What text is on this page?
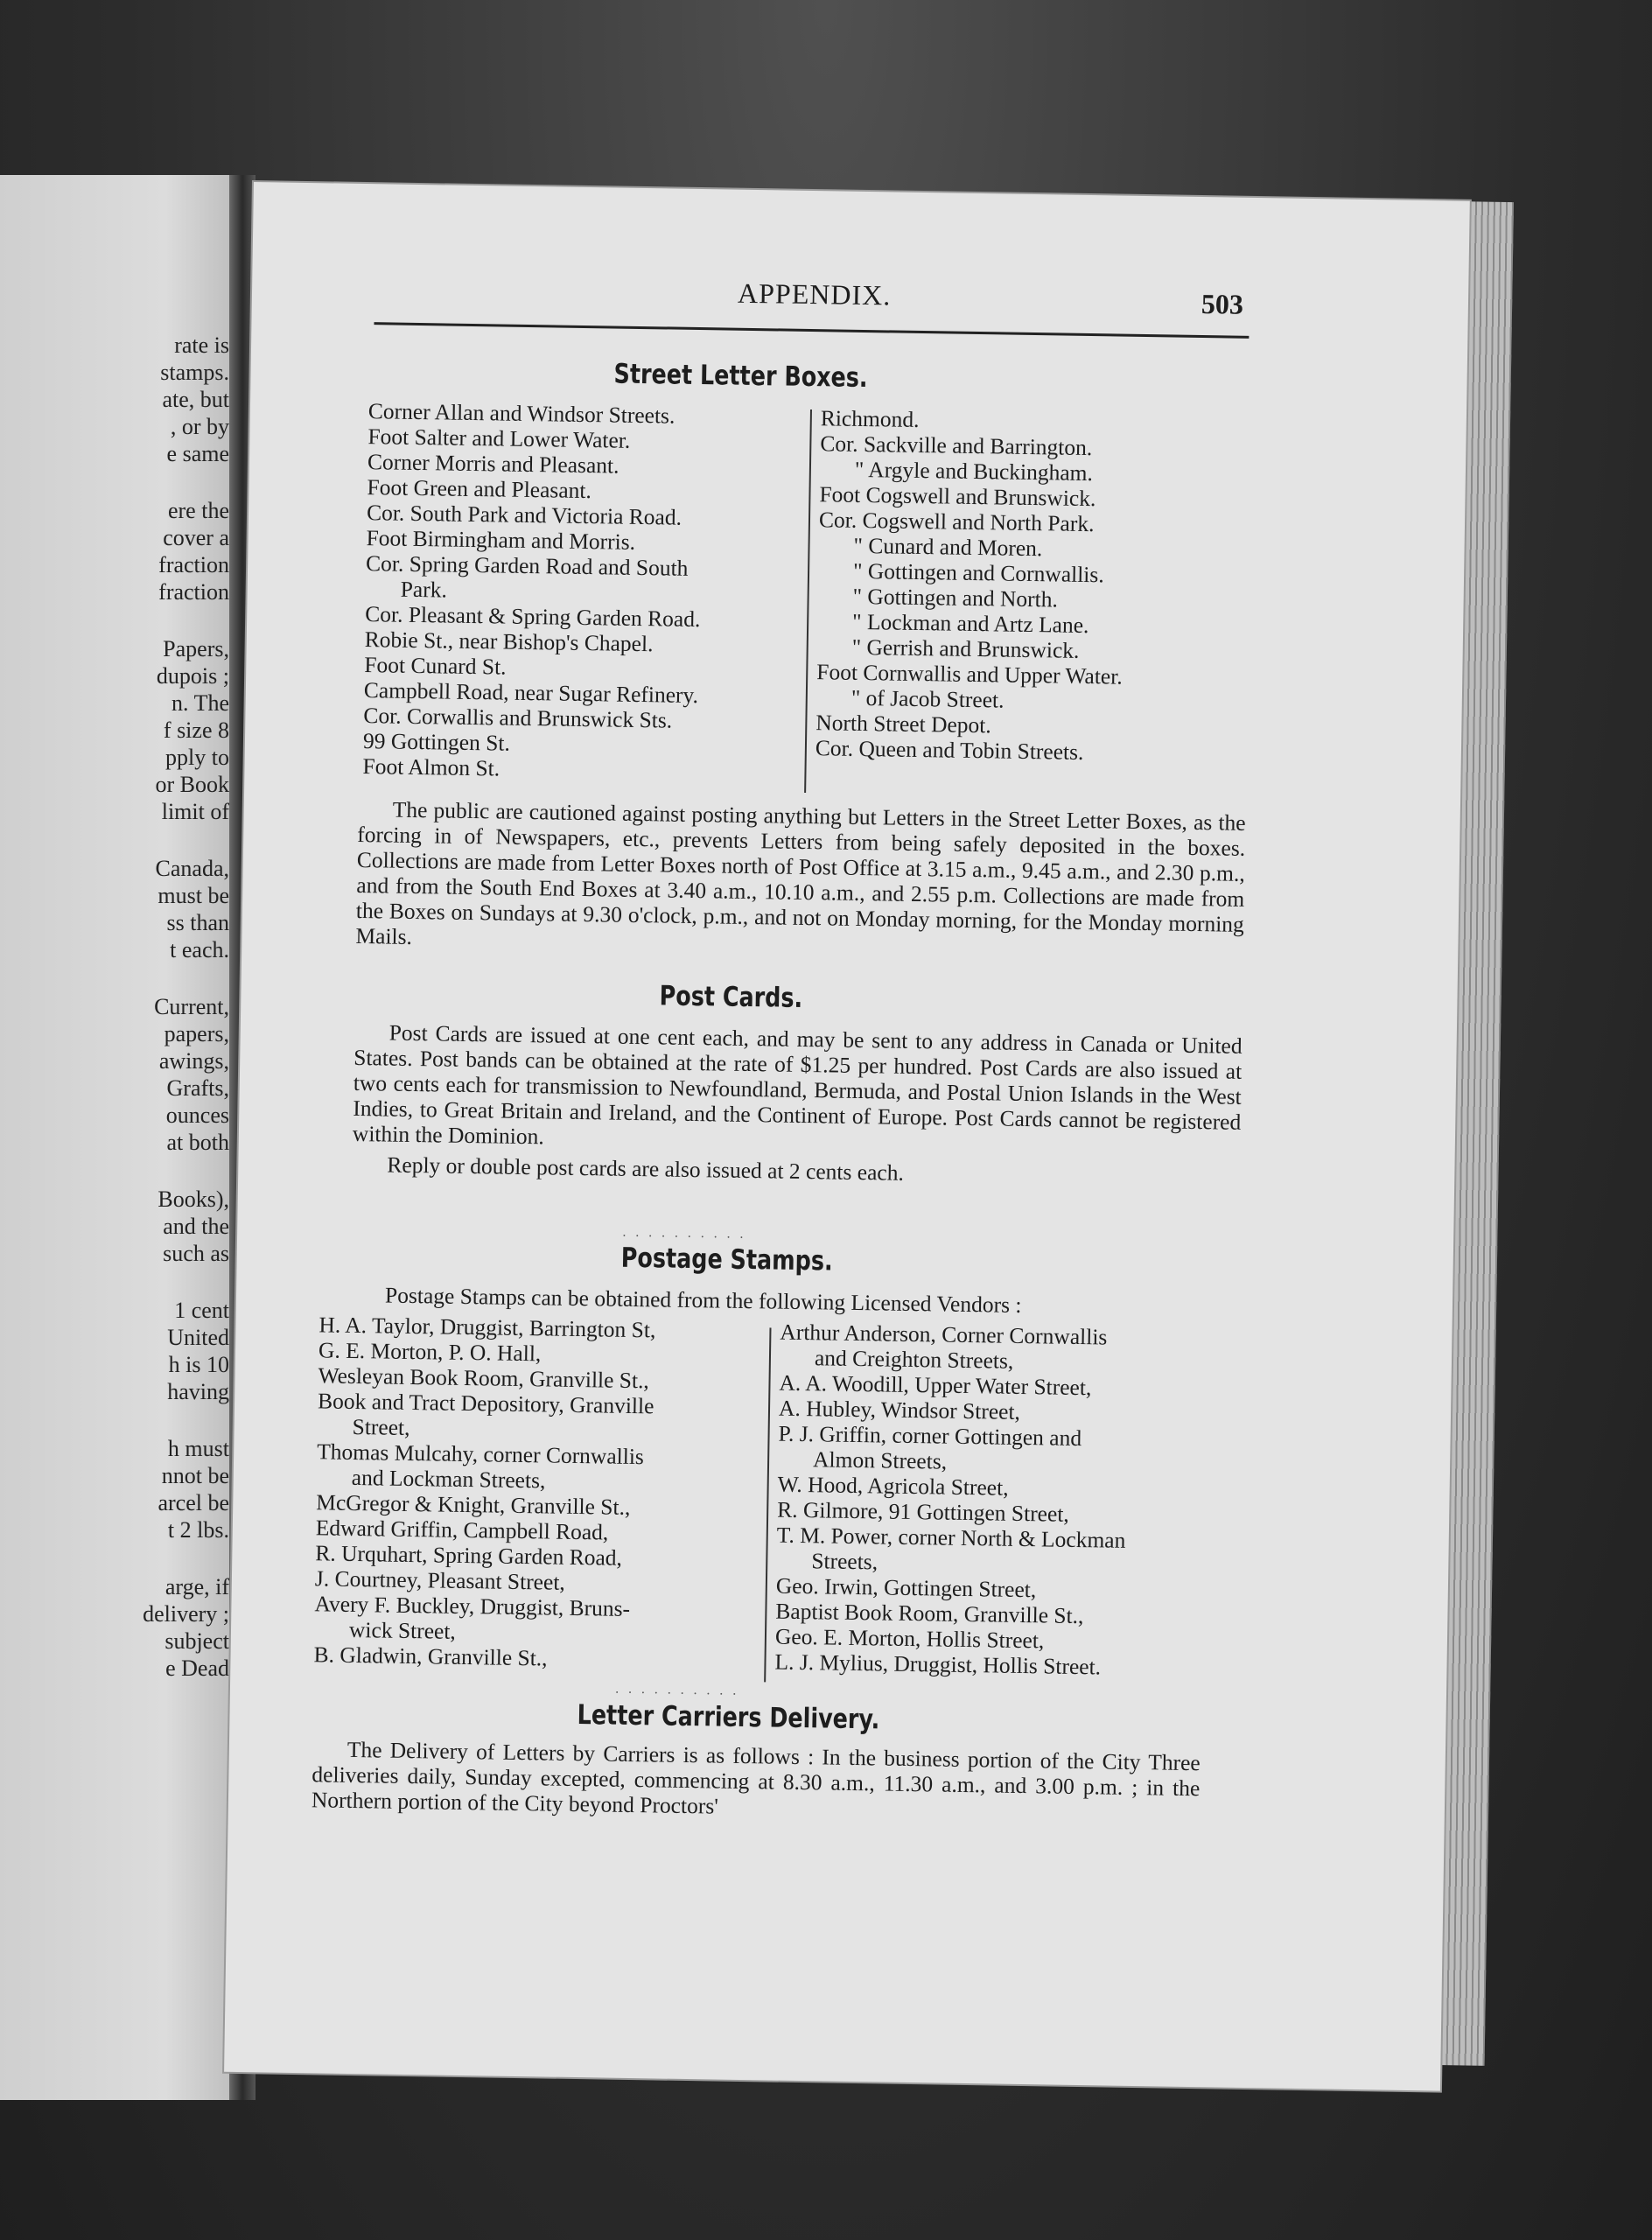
rate is
stamps.
ate, but
, or by
e same
ere the
cover a
fraction
fraction
Papers,
dupois ;
n. The
f size 8
pply to
or Book
limit of
Canada,
must be
ss than
t each.
Current,
papers,
awings,
Grafts,
ounces
at both
Books),
and the
such as
1 cent
United
h is 10
having
h must
nnot be
arcel be
t 2 lbs.
arge, if
delivery ;
subject
e Dead
APPENDIX.	503
Street Letter Boxes.
Corner Allan and Windsor Streets.
Foot Salter and Lower Water.
Corner Morris and Pleasant.
Foot Green and Pleasant.
Cor. South Park and Victoria Road.
Foot Birmingham and Morris.
Cor. Spring Garden Road and South
Park.
Cor. Pleasant & Spring Garden Road.
Robie St., near Bishop's Chapel.
Foot Cunard St.
Campbell Road, near Sugar Refinery.
Cor. Corwallis and Brunswick Sts.
99 Gottingen St.
Foot Almon St.
Richmond.
Cor. Sackville and Barrington.
" Argyle and Buckingham.
Foot Cogswell and Brunswick.
Cor. Cogswell and North Park.
" Cunard and Moren.
" Gottingen and Cornwallis.
" Gottingen and North.
" Lockman and Artz Lane.
" Gerrish and Brunswick.
Foot Cornwallis and Upper Water.
" of Jacob Street.
North Street Depot.
Cor. Queen and Tobin Streets.

The public are cautioned against posting anything but Letters in the Street Letter Boxes, as the forcing in of Newspapers, etc., prevents Letters from being safely deposited in the boxes. Collections are made from Letter Boxes north of Post Office at 3.15 a.m., 9.45 a.m., and 2.30 p.m., and from the South End Boxes at 3.40 a.m., 10.10 a.m., and 2.55 p.m. Collections are made from the Boxes on Sundays at 9.30 o'clock, p.m., and not on Monday morning, for the Monday morning Mails.

Post Cards.

Post Cards are issued at one cent each, and may be sent to any address in Canada or United States. Post bands can be obtained at the rate of $1.25 per hundred. Post Cards are also issued at two cents each for transmission to Newfoundland, Bermuda, and Postal Union Islands in the West Indies, to Great Britain and Ireland, and the Continent of Europe. Post Cards cannot be registered within the Dominion.

Reply or double post cards are also issued at 2 cents each.

· · · · · · · · · ·
Postage Stamps.

Postage Stamps can be obtained from the following Licensed Vendors :

H. A. Taylor, Druggist, Barrington St,
G. E. Morton, P. O. Hall,
Wesleyan Book Room, Granville St.,
Book and Tract Depository, Granville
Street,
Thomas Mulcahy, corner Cornwallis
and Lockman Streets,
McGregor & Knight, Granville St.,
Edward Griffin, Campbell Road,
R. Urquhart, Spring Garden Road,
J. Courtney, Pleasant Street,
Avery F. Buckley, Druggist, Bruns-
wick Street,
B. Gladwin, Granville St.,
Arthur Anderson, Corner Cornwallis
and Creighton Streets,
A. A. Woodill, Upper Water Street,
A. Hubley, Windsor Street,
P. J. Griffin, corner Gottingen and
Almon Streets,
W. Hood, Agricola Street,
R. Gilmore, 91 Gottingen Street,
T. M. Power, corner North & Lockman
Streets,
Geo. Irwin, Gottingen Street,
Baptist Book Room, Granville St.,
Geo. E. Morton, Hollis Street,
L. J. Mylius, Druggist, Hollis Street.
· · · · · · · · · ·
Letter Carriers Delivery.

The Delivery of Letters by Carriers is as follows : In the business portion of the City Three deliveries daily, Sunday excepted, commencing at 8.30 a.m., 11.30 a.m., and 3.00 p.m. ; in the Northern portion of the City beyond Proctors'
